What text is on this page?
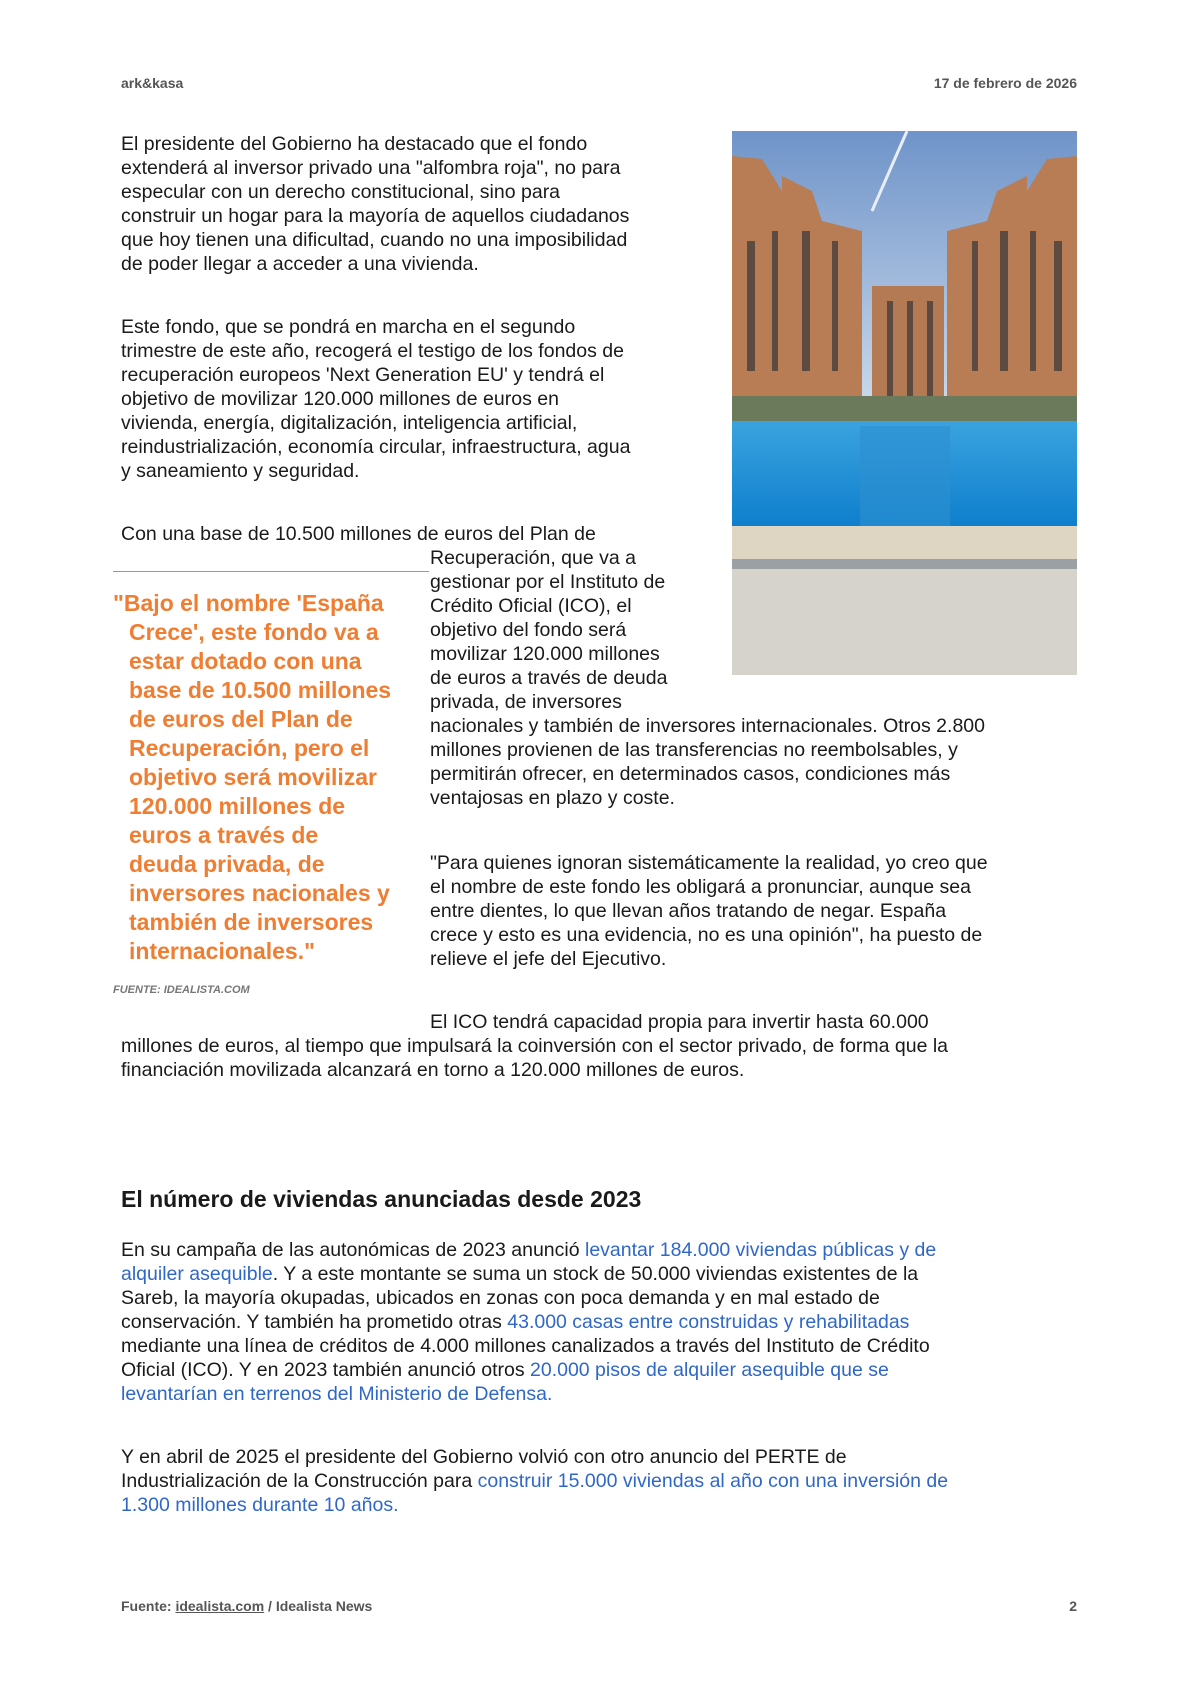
ark&kasa	17 de febrero de 2026
El presidente del Gobierno ha destacado que el fondo
extenderá al inversor privado una "alfombra roja", no para
especular con un derecho constitucional, sino para
construir un hogar para la mayoría de aquellos ciudadanos
que hoy tienen una dificultad, cuando no una imposibilidad
de poder llegar a acceder a una vivienda.
Este fondo, que se pondrá en marcha en el segundo
trimestre de este año, recogerá el testigo de los fondos de
recuperación europeos 'Next Generation EU' y tendrá el
objetivo de movilizar 120.000 millones de euros en
vivienda, energía, digitalización, inteligencia artificial,
reindustrialización, economía circular, infraestructura, agua
y saneamiento y seguridad.
Con una base de 10.500 millones de euros del Plan de
Recuperación, que va a
gestionar por el Instituto de
Crédito Oficial (ICO), el
objetivo del fondo será
movilizar 120.000 millones
de euros a través de deuda
privada, de inversores
nacionales y también de inversores internacionales. Otros 2.800
millones provienen de las transferencias no reembolsables, y
permitirán ofrecer, en determinados casos, condiciones más
ventajosas en plazo y coste.
"Bajo el nombre 'España
Crece', este fondo va a
estar dotado con una
base de 10.500 millones
de euros del Plan de
Recuperación, pero el
objetivo será movilizar
120.000 millones de
euros a través de
deuda privada, de
inversores nacionales y
también de inversores
internacionales."
FUENTE: IDEALISTA.COM
"Para quienes ignoran sistemáticamente la realidad, yo creo que
el nombre de este fondo les obligará a pronunciar, aunque sea
entre dientes, lo que llevan años tratando de negar. España
crece y esto es una evidencia, no es una opinión", ha puesto de
relieve el jefe del Ejecutivo.
El ICO tendrá capacidad propia para invertir hasta 60.000
millones de euros, al tiempo que impulsará la coinversión con el sector privado, de forma que la
financiación movilizada alcanzará en torno a 120.000 millones de euros.
El número de viviendas anunciadas desde 2023
En su campaña de las autonómicas de 2023 anunció levantar 184.000 viviendas públicas y de
alquiler asequible. Y a este montante se suma un stock de 50.000 viviendas existentes de la
Sareb, la mayoría okupadas, ubicados en zonas con poca demanda y en mal estado de
conservación. Y también ha prometido otras 43.000 casas entre construidas y rehabilitadas
mediante una línea de créditos de 4.000 millones canalizados a través del Instituto de Crédito
Oficial (ICO). Y en 2023 también anunció otros 20.000 pisos de alquiler asequible que se
levantarían en terrenos del Ministerio de Defensa.
Y en abril de 2025 el presidente del Gobierno volvió con otro anuncio del PERTE de
Industrialización de la Construcción para construir 15.000 viviendas al año con una inversión de
1.300 millones durante 10 años.
Fuente: idealista.com / Idealista News	2
